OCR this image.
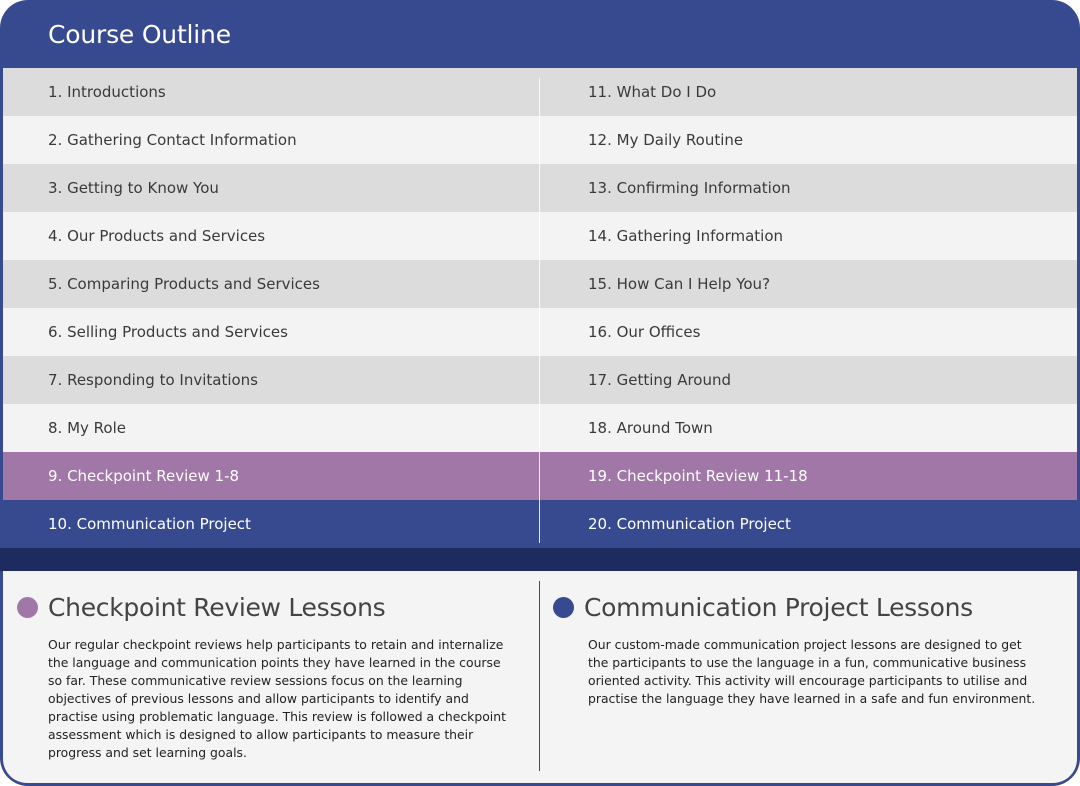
Course Outline
1. Introductions
2. Gathering Contact Information
3. Getting to Know You
4. Our Products and Services
5. Comparing Products and Services
6. Selling Products and Services
7. Responding to Invitations
8. My Role
9. Checkpoint Review 1-8
10. Communication Project
11. What Do I Do
12. My Daily Routine
13. Confirming Information
14. Gathering Information
15. How Can I Help You?
16. Our Offices
17. Getting Around
18. Around Town
19. Checkpoint Review 11-18
20. Communication Project
Checkpoint Review Lessons

Our regular checkpoint reviews help participants to retain and internalize the language and communication points they have learned in the course so far. These communicative review sessions focus on the learning objectives of previous lessons and allow participants to identify and practise using problematic language. This review is followed a checkpoint assessment which is designed to allow participants to measure their progress and set learning goals.

Communication Project Lessons

Our custom-made communication project lessons are designed to get the participants to use the language in a fun, communicative business oriented activity. This activity will encourage participants to utilise and practise the language they have learned in a safe and fun environment.
